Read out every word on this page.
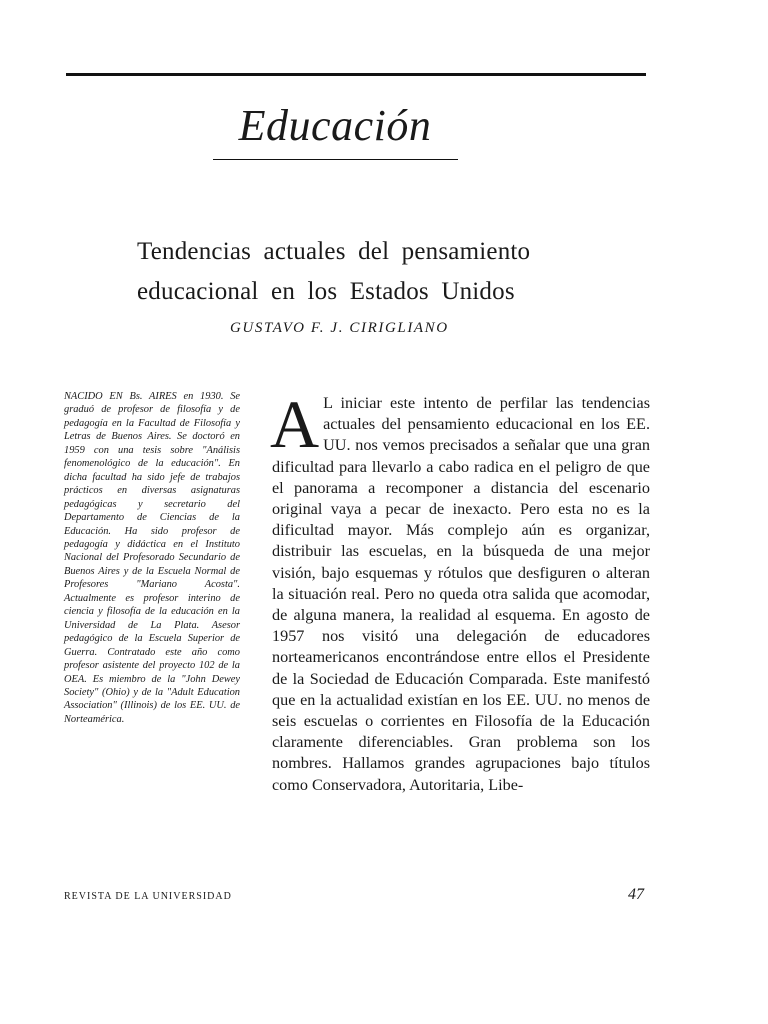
Educación
Tendencias actuales del pensamiento
educacional en los Estados Unidos
GUSTAVO F. J. CIRIGLIANO
NACIDO EN Bs. AIRES en 1930. Se graduó de profesor de filosofía y de pedagogía en la Facultad de Filosofía y Letras de Buenos Aires. Se doctoró en 1959 con una tesis sobre "Análisis fenomenológico de la educación". En dicha facultad ha sido jefe de trabajos prácticos en diversas asignaturas pedagógicas y secretario del Departamento de Ciencias de la Educación. Ha sido profesor de pedagogía y didáctica en el Instituto Nacional del Profesorado Secundario de Buenos Aires y de la Escuela Normal de Profesores "Mariano Acosta". Actualmente es profesor interino de ciencia y filosofía de la educación en la Universidad de La Plata. Asesor pedagógico de la Escuela Superior de Guerra. Contratado este año como profesor asistente del proyecto 102 de la OEA. Es miembro de la "John Dewey Society" (Ohio) y de la "Adult Education Association" (Illinois) de los EE. UU. de Norteamérica.
A L iniciar este intento de perfilar las tendencias actuales del pensamiento educacional en los EE. UU. nos vemos precisados a señalar que una gran dificultad para llevarlo a cabo radica en el peligro de que el panorama a recomponer a distancia del escenario original vaya a pecar de inexacto. Pero esta no es la dificultad mayor. Más complejo aún es organizar, distribuir las escuelas, en la búsqueda de una mejor visión, bajo esquemas y rótulos que desfiguren o alteran la situación real. Pero no queda otra salida que acomodar, de alguna manera, la realidad al esquema. En agosto de 1957 nos visitó una delegación de educadores norteamericanos encontrándose entre ellos el Presidente de la Sociedad de Educación Comparada. Este manifestó que en la actualidad existían en los EE. UU. no menos de seis escuelas o corrientes en Filosofía de la Educación claramente diferenciables. Gran problema son los nombres. Hallamos grandes agrupaciones bajo títulos como Conservadora, Autoritaria, Libe-
REVISTA DE LA UNIVERSIDAD	47
